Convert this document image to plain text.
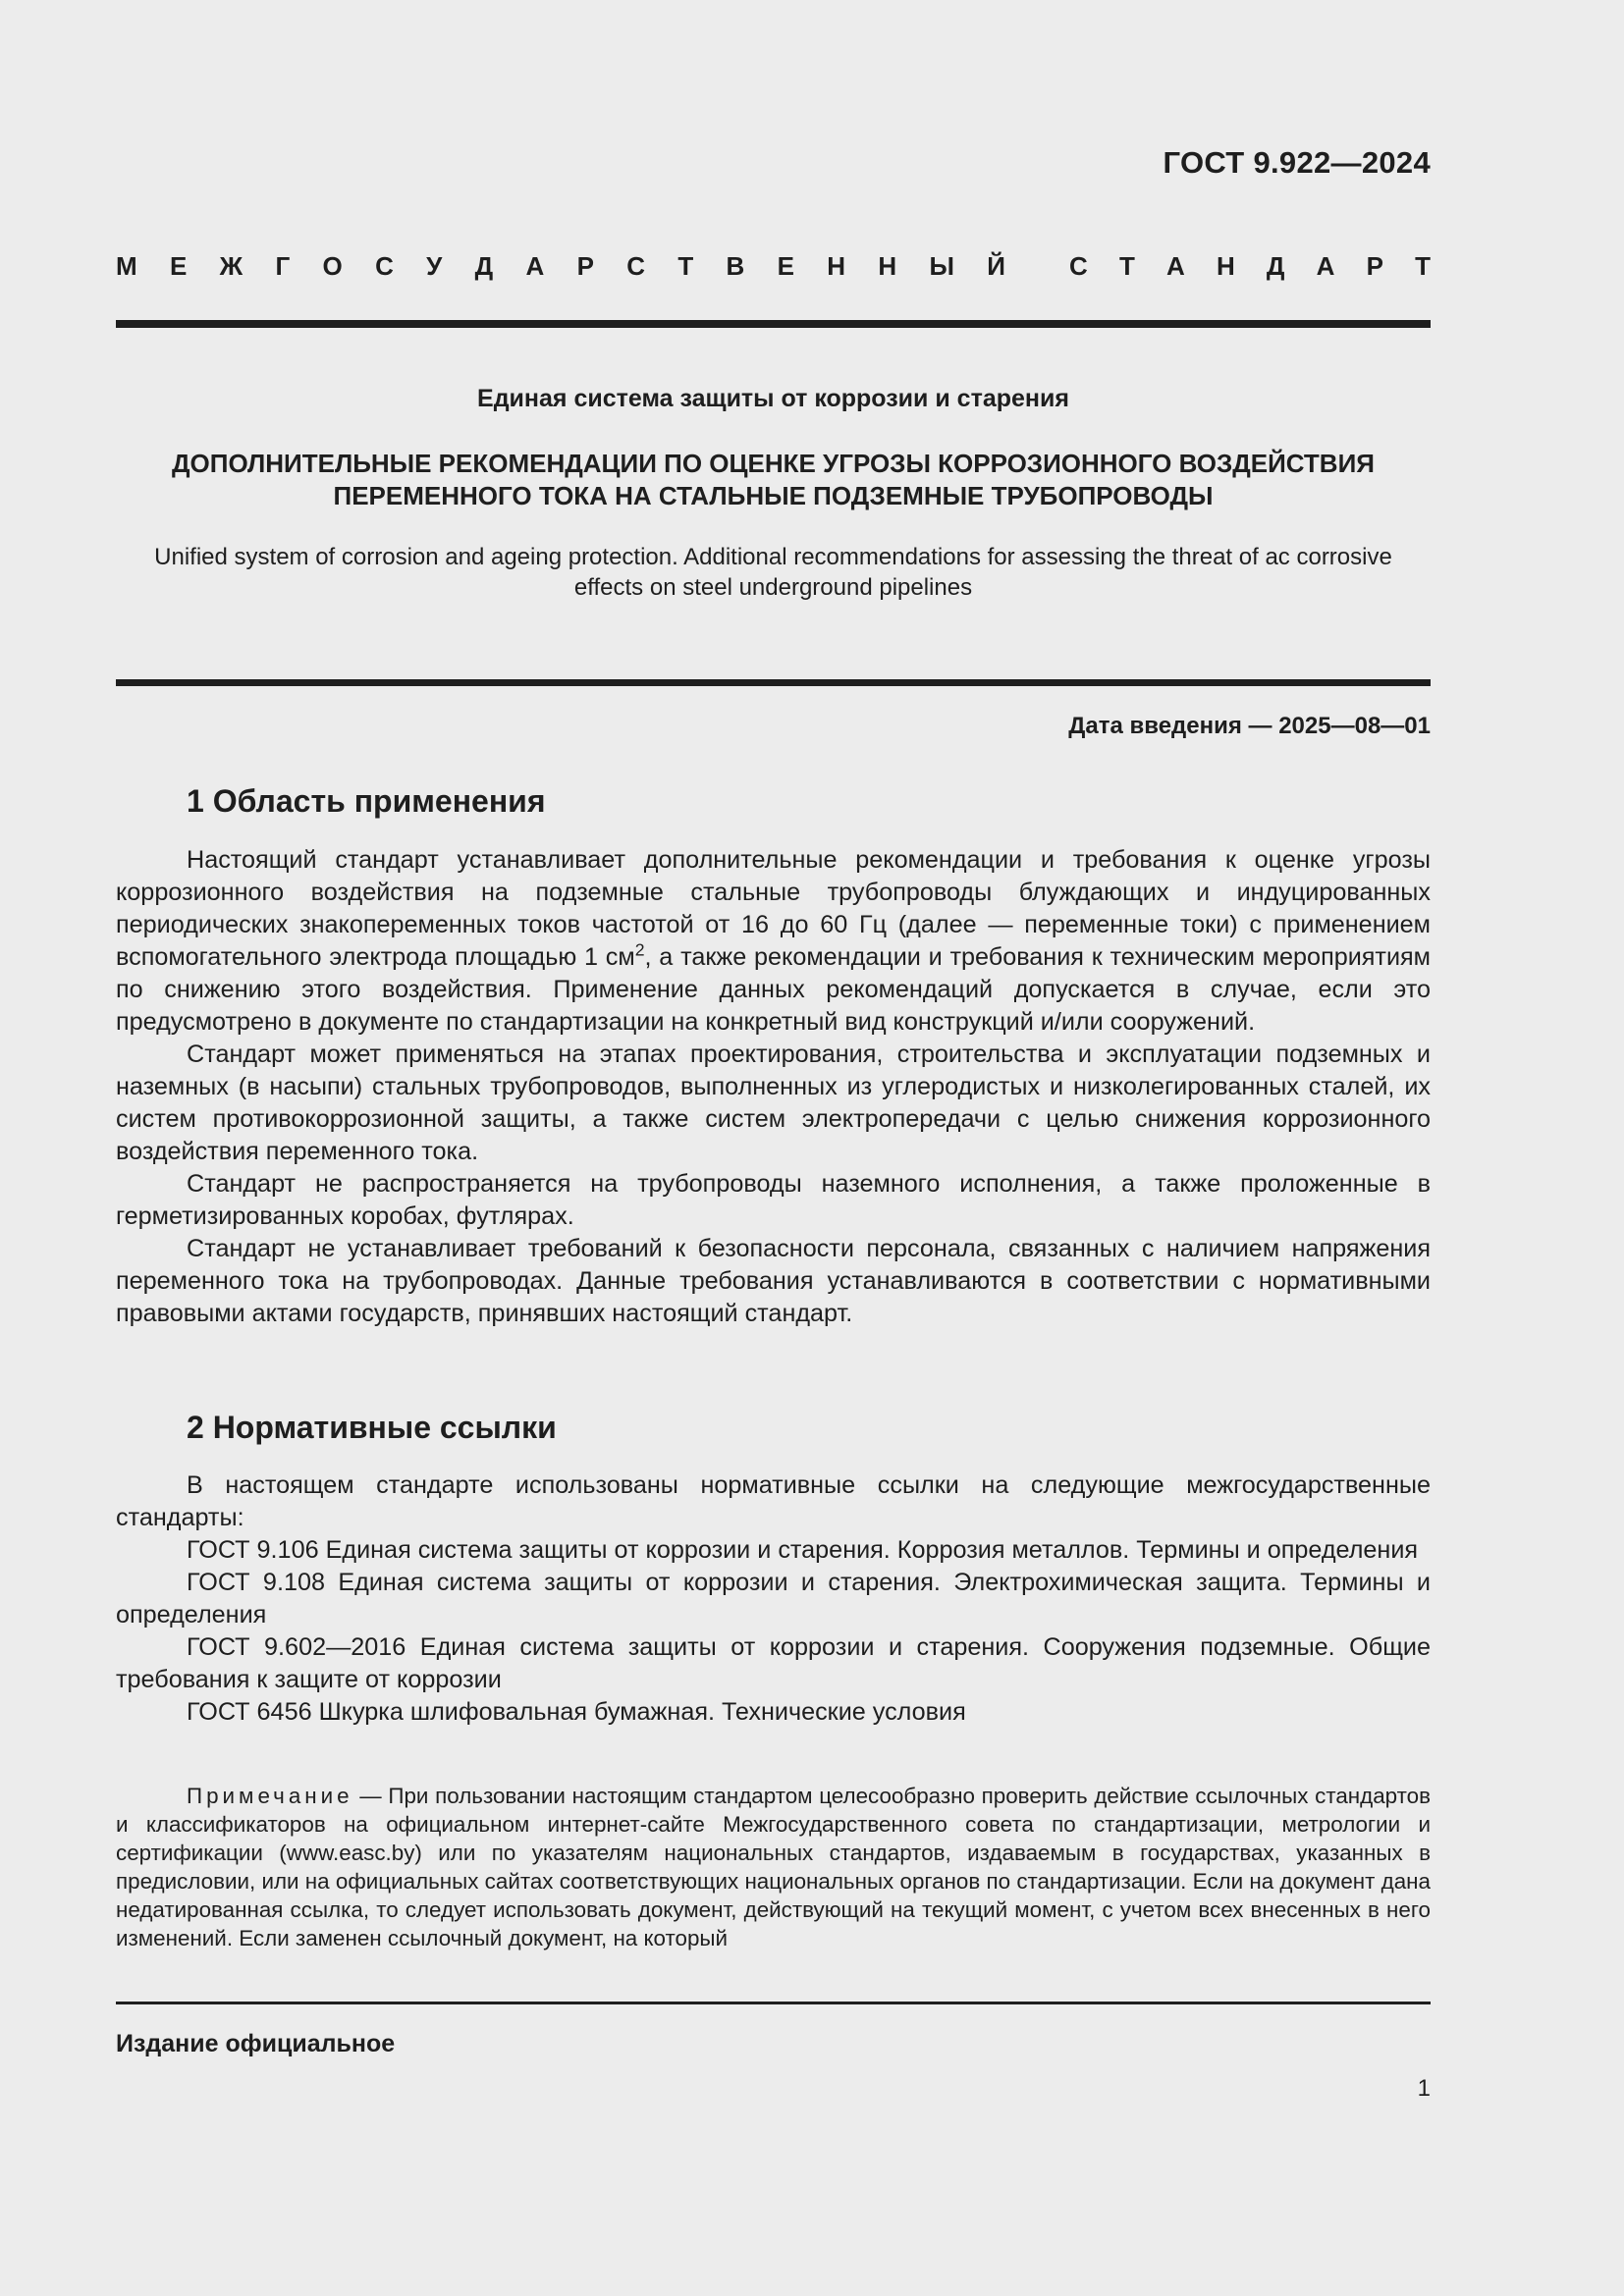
ГОСТ 9.922—2024
М Е Ж Г О С У Д А Р С Т В Е Н Н Ы Й	С Т А Н Д А Р Т
Единая система защиты от коррозии и старения
ДОПОЛНИТЕЛЬНЫЕ РЕКОМЕНДАЦИИ ПО ОЦЕНКЕ УГРОЗЫ КОРРОЗИОННОГО ВОЗДЕЙСТВИЯ
ПЕРЕМЕННОГО ТОКА НА СТАЛЬНЫЕ ПОДЗЕМНЫЕ ТРУБОПРОВОДЫ
Unified system of corrosion and ageing protection. Additional recommendations for assessing the threat of ac corrosive
effects on steel underground pipelines
Дата введения — 2025—08—01
1 Область применения

Настоящий стандарт устанавливает дополнительные рекомендации и требования к оценке угрозы коррозионного воздействия на подземные стальные трубопроводы блуждающих и индуцированных периодических знакопеременных токов частотой от 16 до 60 Гц (далее — переменные токи) с применением вспомогательного электрода площадью 1 $см^2$, а также рекомендации и требования к техническим мероприятиям по снижению этого воздействия. Применение данных рекомендаций допускается в случае, если это предусмотрено в документе по стандартизации на конкретный вид конструкций и/или сооружений.

Стандарт может применяться на этапах проектирования, строительства и эксплуатации подземных и наземных (в насыпи) стальных трубопроводов, выполненных из углеродистых и низколегированных сталей, их систем противокоррозионной защиты, а также систем электропередачи с целью снижения коррозионного воздействия переменного тока.

Стандарт не распространяется на трубопроводы наземного исполнения, а также проложенные в герметизированных коробах, футлярах.

Стандарт не устанавливает требований к безопасности персонала, связанных с наличием напряжения переменного тока на трубопроводах. Данные требования устанавливаются в соответствии с нормативными правовыми актами государств, принявших настоящий стандарт.

2 Нормативные ссылки

В настоящем стандарте использованы нормативные ссылки на следующие межгосударственные стандарты:

ГОСТ 9.106 Единая система защиты от коррозии и старения. Коррозия металлов. Термины и определения

ГОСТ 9.108 Единая система защиты от коррозии и старения. Электрохимическая защита. Термины и определения

ГОСТ 9.602—2016 Единая система защиты от коррозии и старения. Сооружения подземные. Общие требования к защите от коррозии

ГОСТ 6456 Шкурка шлифовальная бумажная. Технические условия

Примечание — При пользовании настоящим стандартом целесообразно проверить действие ссылочных стандартов и классификаторов на официальном интернет-сайте Межгосударственного совета по стандартизации, метрологии и сертификации (www.easc.by) или по указателям национальных стандартов, издаваемым в государствах, указанных в предисловии, или на официальных сайтах соответствующих национальных органов по стандартизации. Если на документ дана недатированная ссылка, то следует использовать документ, действующий на текущий момент, с учетом всех внесенных в него изменений. Если заменен ссылочный документ, на который

Издание официальное
1
